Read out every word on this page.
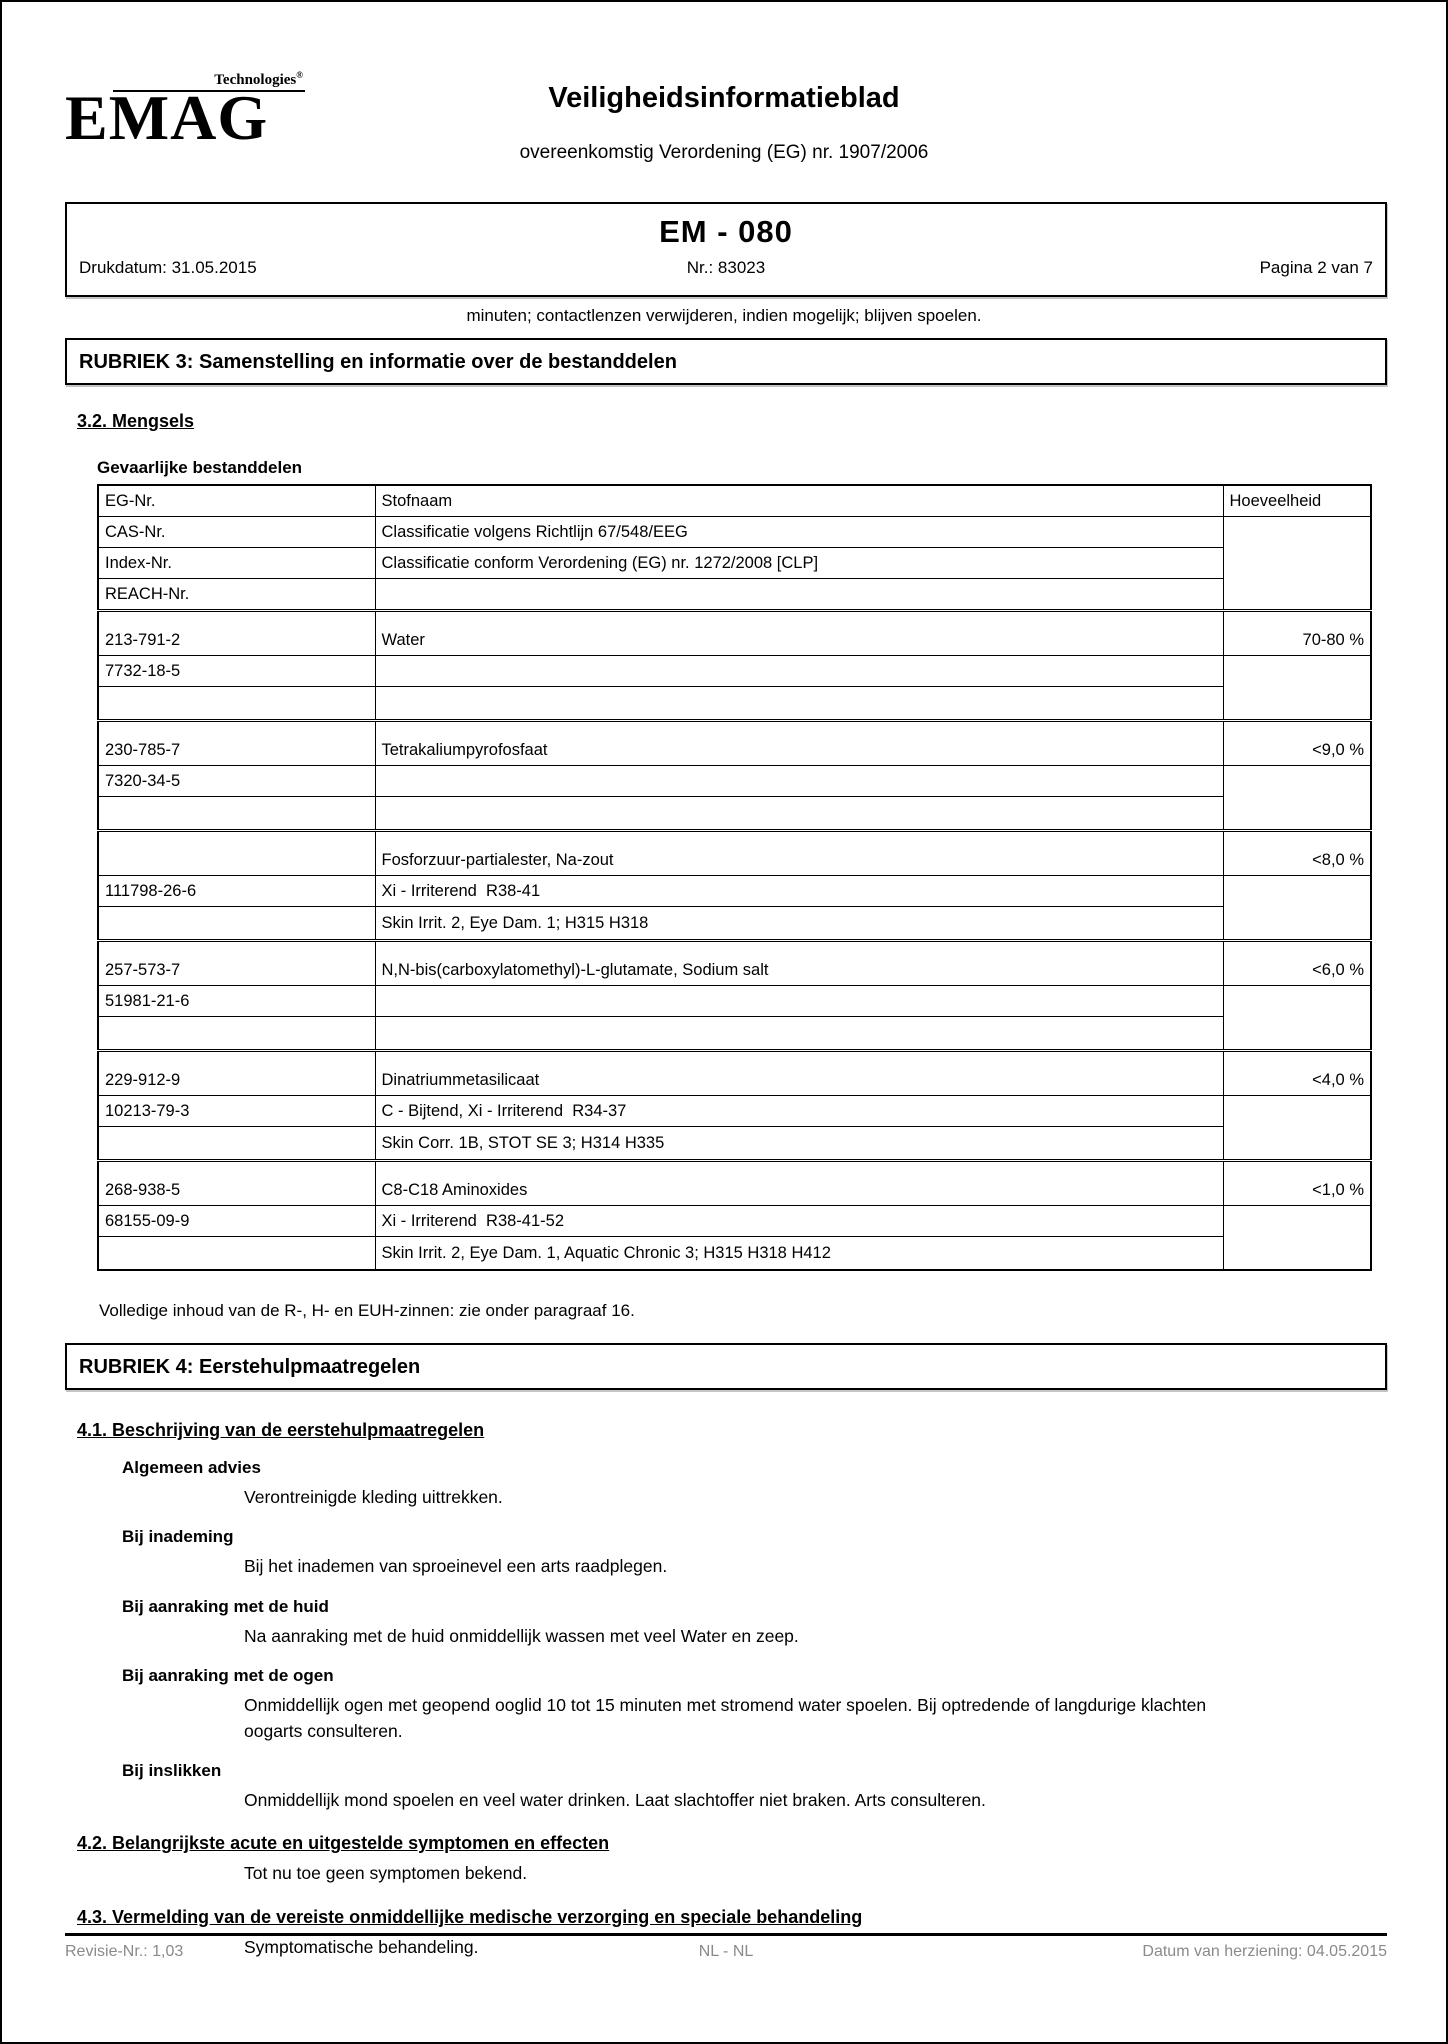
Technologies®
EMAG	Veiligheidsinformatieblad
overeenkomstig Verordening (EG) nr. 1907/2006
EM - 080
Drukdatum: 31.05.2015	Nr.: 83023	Pagina 2 van 7
minuten; contactlenzen verwijderen, indien mogelijk; blijven spoelen.
RUBRIEK 3: Samenstelling en informatie over de bestanddelen
3.2. Mengsels
Gevaarlijke bestanddelen
EG-Nr.	Stofnaam	Hoeveelheid
CAS-Nr.	Classificatie volgens Richtlijn 67/548/EEG	
Index-Nr.	Classificatie conform Verordening (EG) nr. 1272/2008 [CLP]	
REACH-Nr.		
213-791-2	Water	70-80 %
7732-18-5		

230-785-7	Tetrakaliumpyrofosfaat	<9,0 %
7320-34-5		

	Fosforzuur-partialester, Na-zout	<8,0 %
111798-26-6	Xi - Irriterend  R38-41	
	Skin Irrit. 2, Eye Dam. 1; H315 H318	
257-573-7	N,N-bis(carboxylatomethyl)-L-glutamate, Sodium salt	<6,0 %
51981-21-6		

229-912-9	Dinatriummetasilicaat	<4,0 %
10213-79-3	C - Bijtend, Xi - Irriterend  R34-37	
	Skin Corr. 1B, STOT SE 3; H314 H335	
268-938-5	C8-C18 Aminoxides	<1,0 %
68155-09-9	Xi - Irriterend  R38-41-52	
	Skin Irrit. 2, Eye Dam. 1, Aquatic Chronic 3; H315 H318 H412	
Volledige inhoud van de R-, H- en EUH-zinnen: zie onder paragraaf 16.
RUBRIEK 4: Eerstehulpmaatregelen
4.1. Beschrijving van de eerstehulpmaatregelen
Algemeen advies
Verontreinigde kleding uittrekken.
Bij inademing
Bij het inademen van sproeinevel een arts raadplegen.
Bij aanraking met de huid
Na aanraking met de huid onmiddellijk wassen met veel Water en zeep.
Bij aanraking met de ogen
Onmiddellijk ogen met geopend ooglid 10 tot 15 minuten met stromend water spoelen. Bij optredende of langdurige klachten oogarts consulteren.
Bij inslikken
Onmiddellijk mond spoelen en veel water drinken. Laat slachtoffer niet braken. Arts consulteren.
4.2. Belangrijkste acute en uitgestelde symptomen en effecten
Tot nu toe geen symptomen bekend.
4.3. Vermelding van de vereiste onmiddellijke medische verzorging en speciale behandeling
Symptomatische behandeling.
Revisie-Nr.: 1,03	NL - NL	Datum van herziening: 04.05.2015
